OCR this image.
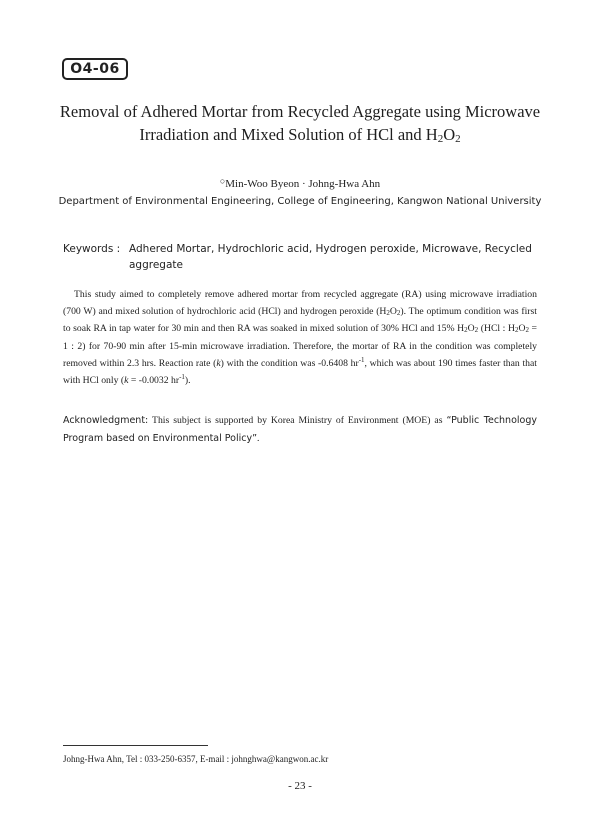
O4-06
Removal of Adhered Mortar from Recycled Aggregate using Microwave
Irradiation and Mixed Solution of HCl and $H_2O_2$
○Min-Woo Byeon · Johng-Hwa Ahn
Department of Environmental Engineering, College of Engineering, Kangwon National University
Keywords : Adhered Mortar, Hydrochloric acid, Hydrogen peroxide, Microwave, Recycled aggregate

This study aimed to completely remove adhered mortar from recycled aggregate (RA) using microwave irradiation (700 W) and mixed solution of hydrochloric acid (HCl) and hydrogen peroxide $(H_2O_2)$. The optimum condition was first to soak RA in tap water for 30 min and then RA was soaked in mixed solution of 30% HCl and 15% $H_2O_2$ (HCl : $H_2O_2 = 1$ : 2) for 70-90 min after 15-min microwave irradiation. Therefore, the mortar of RA in the condition was completely removed within 2.3 hrs. Reaction rate (k) with the condition was -0.6408 $hr^{-1}$, which was about 190 times faster than that with HCl only (k = -0.0032 $hr^{-1}$).

Acknowledgment: This subject is supported by Korea Ministry of Environment (MOE) as “Public Technology Program based on Environmental Policy”.

Johng-Hwa Ahn, Tel : 033-250-6357, E-mail : johnghwa@kangwon.ac.kr
- 23 -
